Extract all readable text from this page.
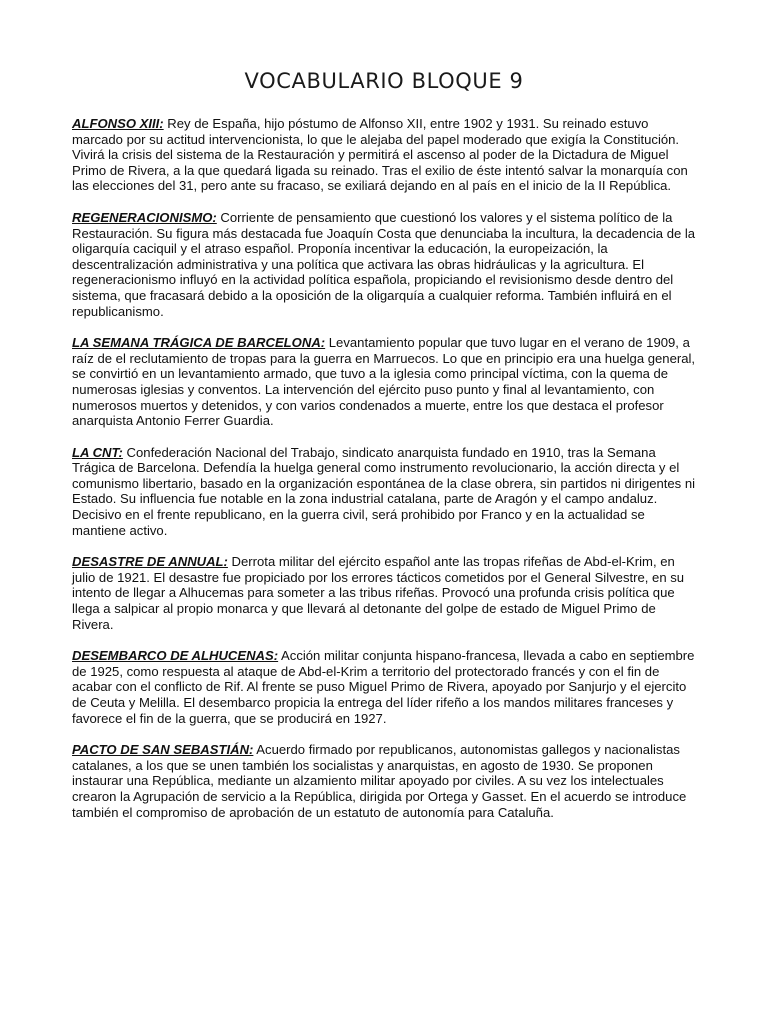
VOCABULARIO BLOQUE 9

ALFONSO XIII: Rey de España, hijo póstumo de Alfonso XII, entre 1902 y 1931. Su reinado estuvo marcado por su actitud intervencionista, lo que le alejaba del papel moderado que exigía la Constitución. Vivirá la crisis del sistema de la Restauración y permitirá el ascenso al poder de la Dictadura de Miguel Primo de Rivera, a la que quedará ligada su reinado. Tras el exilio de éste intentó salvar la monarquía con las elecciones del 31, pero ante su fracaso, se exiliará dejando en al país en el inicio de la II República.

REGENERACIONISMO: Corriente de pensamiento que cuestionó los valores y el sistema político de la Restauración. Su figura más destacada fue Joaquín Costa que denunciaba la incultura, la decadencia de la oligarquía caciquil y el atraso español. Proponía incentivar la educación, la europeización, la descentralización administrativa y una política que activara las obras hidráulicas y la agricultura. El regeneracionismo influyó en la actividad política española, propiciando el revisionismo desde dentro del sistema, que fracasará debido a la oposición de la oligarquía a cualquier reforma. También influirá en el republicanismo.

LA SEMANA TRÁGICA DE BARCELONA: Levantamiento popular que tuvo lugar en el verano de 1909, a raíz de el reclutamiento de tropas para la guerra en Marruecos. Lo que en principio era una huelga general, se convirtió en un levantamiento armado, que tuvo a la iglesia como principal víctima, con la quema de numerosas iglesias y conventos. La intervención del ejército puso punto y final al levantamiento, con numerosos muertos y detenidos, y con varios condenados a muerte, entre los que destaca el profesor anarquista Antonio Ferrer Guardia.

LA CNT: Confederación Nacional del Trabajo, sindicato anarquista fundado en 1910, tras la Semana Trágica de Barcelona. Defendía la huelga general como instrumento revolucionario, la acción directa y el comunismo libertario, basado en la organización espontánea de la clase obrera, sin partidos ni dirigentes ni Estado. Su influencia fue notable en la zona industrial catalana, parte de Aragón y el campo andaluz. Decisivo en el frente republicano, en la guerra civil, será prohibido por Franco y en la actualidad se mantiene activo.

DESASTRE DE ANNUAL: Derrota militar del ejército español ante las tropas rifeñas de Abd-el-Krim, en julio de 1921. El desastre fue propiciado por los errores tácticos cometidos por el General Silvestre, en su intento de llegar a Alhucemas para someter a las tribus rifeñas. Provocó una profunda crisis política que llega a salpicar al propio monarca y que llevará al detonante del golpe de estado de Miguel Primo de Rivera.

DESEMBARCO DE ALHUCENAS: Acción militar conjunta hispano-francesa, llevada a cabo en septiembre de 1925, como respuesta al ataque de Abd-el-Krim a territorio del protectorado francés y con el fin de acabar con el conflicto de Rif. Al frente se puso Miguel Primo de Rivera, apoyado por Sanjurjo y el ejercito de Ceuta y Melilla. El desembarco propicia la entrega del líder rifeño a los mandos militares franceses y favorece el fin de la guerra, que se producirá en 1927.

PACTO DE SAN SEBASTIÁN: Acuerdo firmado por republicanos, autonomistas gallegos y nacionalistas catalanes, a los que se unen también los socialistas y anarquistas, en agosto de 1930. Se proponen instaurar una República, mediante un alzamiento militar apoyado por civiles. A su vez los intelectuales crearon la Agrupación de servicio a la República, dirigida por Ortega y Gasset. En el acuerdo se introduce también el compromiso de aprobación de un estatuto de autonomía para Cataluña.
